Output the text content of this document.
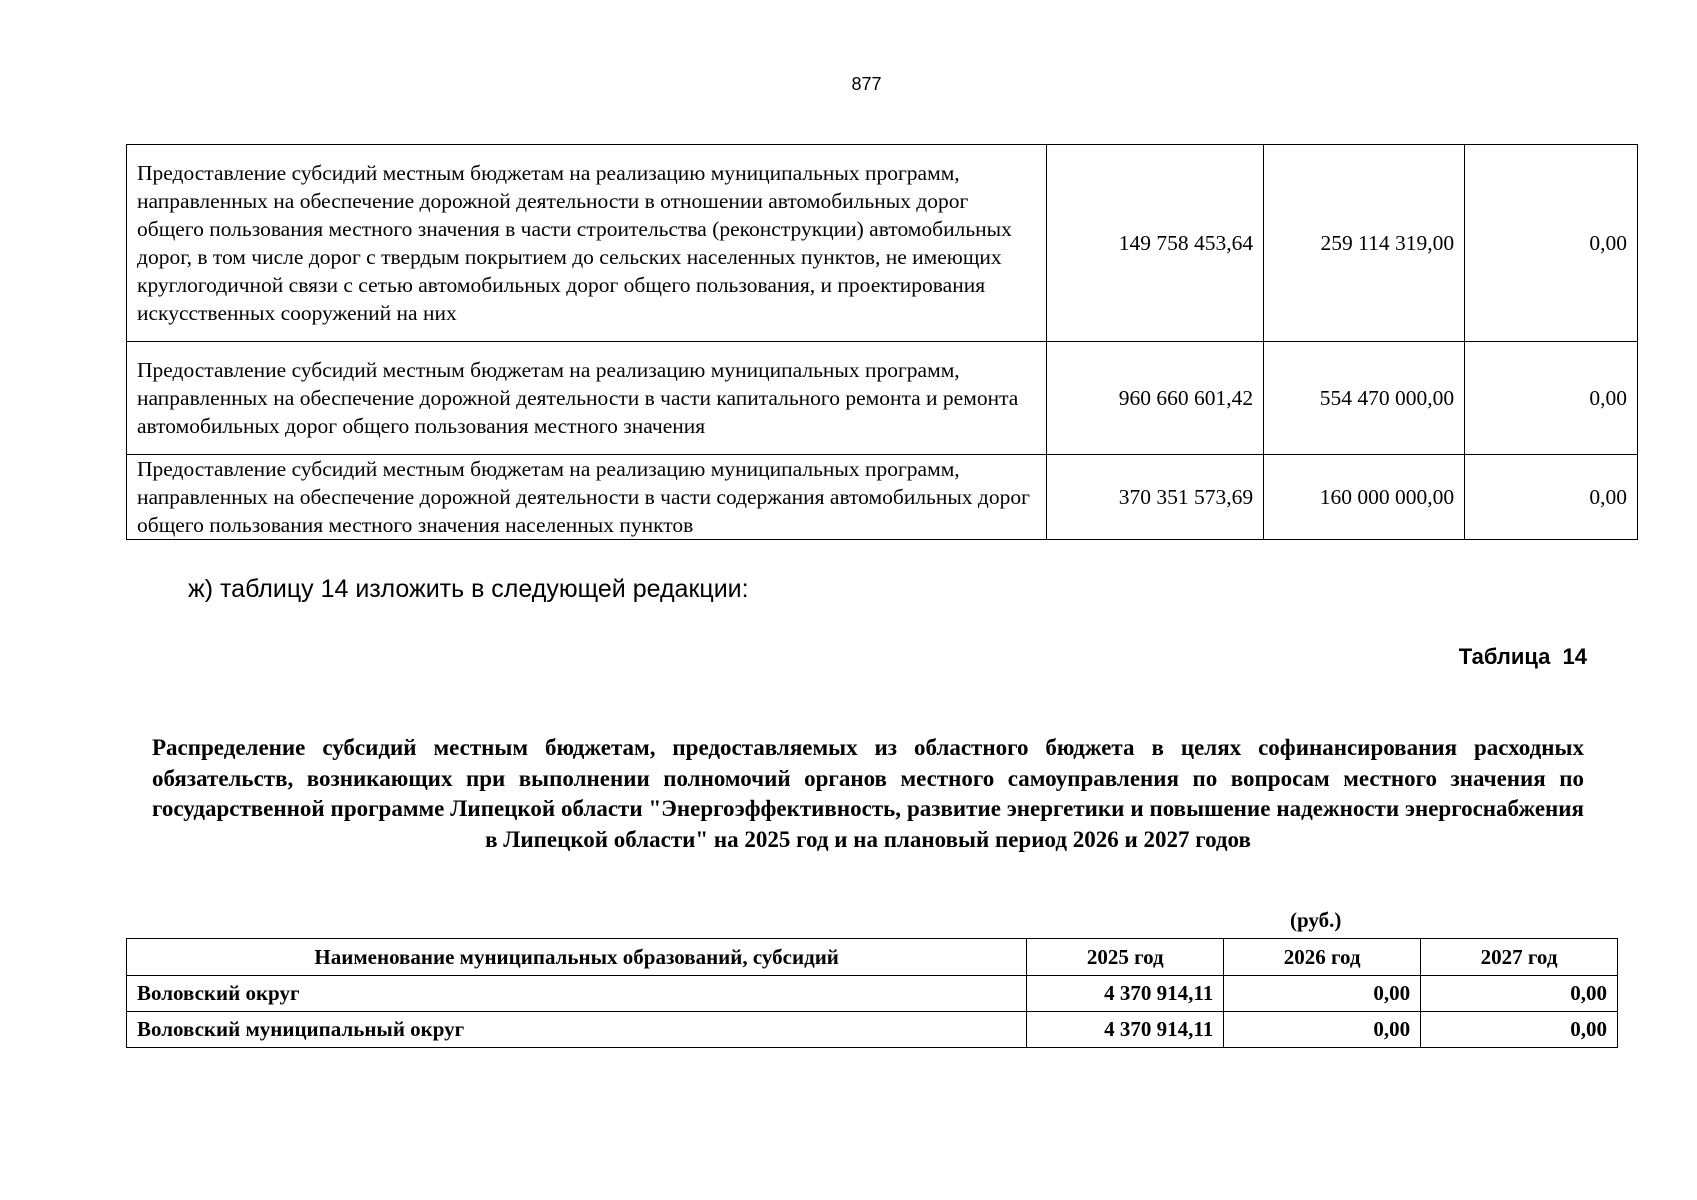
877
Предоставление субсидий местным бюджетам на реализацию муниципальных программ, направленных на обеспечение дорожной деятельности в отношении автомобильных дорог общего пользования местного значения в части строительства (реконструкции) автомобильных дорог, в том числе дорог с твердым покрытием до сельских населенных пунктов, не имеющих круглогодичной связи с сетью автомобильных дорог общего пользования, и проектирования искусственных сооружений на них	149 758 453,64	259 114 319,00	0,00
Предоставление субсидий местным бюджетам на реализацию муниципальных программ, направленных на обеспечение дорожной деятельности в части капитального ремонта и ремонта автомобильных дорог общего пользования местного значения	960 660 601,42	554 470 000,00	0,00
Предоставление субсидий местным бюджетам на реализацию муниципальных программ, направленных на обеспечение дорожной деятельности в части содержания автомобильных дорог общего пользования местного значения населенных пунктов	370 351 573,69	160 000 000,00	0,00
ж) таблицу 14 изложить в следующей редакции:
Таблица 14
Распределение субсидий местным бюджетам, предоставляемых из областного бюджета в целях софинансирования расходных обязательств, возникающих при выполнении полномочий органов местного самоуправления по вопросам местного значения по государственной программе Липецкой области "Энергоэффективность, развитие энергетики и повышение надежности энергоснабжения в Липецкой области" на 2025 год и на плановый период 2026 и 2027 годов
(руб.)
Наименование муниципальных образований, субсидий	2025 год	2026 год	2027 год
Воловский округ	4 370 914,11	0,00	0,00
Воловский муниципальный округ	4 370 914,11	0,00	0,00
